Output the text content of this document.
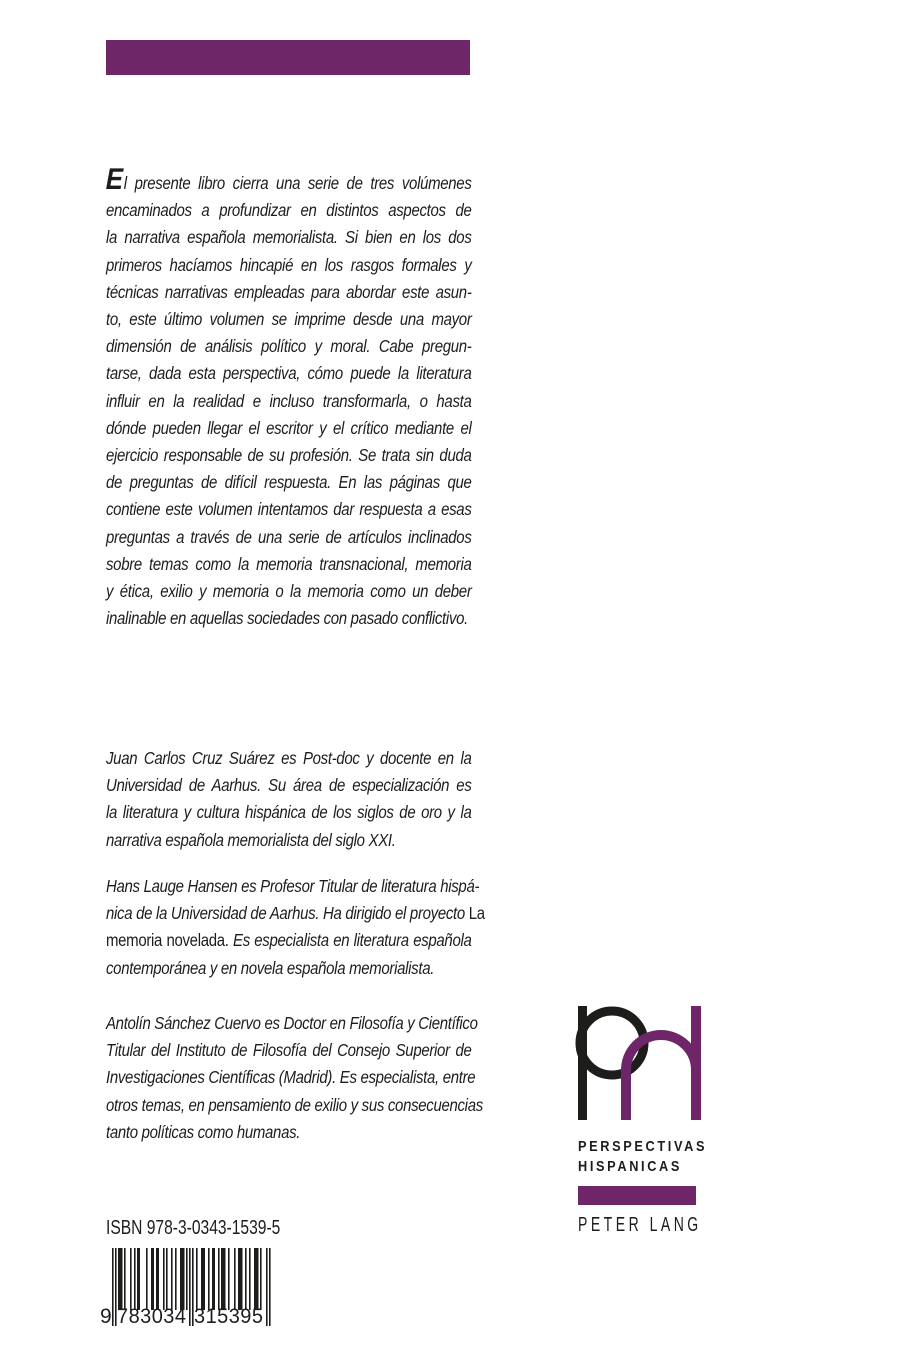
El presente libro cierra una serie de tres volúmenes
encaminados a profundizar en distintos aspectos de
la narrativa española memorialista. Si bien en los dos
primeros hacíamos hincapié en los rasgos formales y
técnicas narrativas empleadas para abordar este asun-
to, este último volumen se imprime desde una mayor
dimensión de análisis político y moral. Cabe pregun-
tarse, dada esta perspectiva, cómo puede la literatura
influir en la realidad e incluso transformarla, o hasta
dónde pueden llegar el escritor y el crítico mediante el
ejercicio responsable de su profesión. Se trata sin duda
de preguntas de difícil respuesta. En las páginas que
contiene este volumen intentamos dar respuesta a esas
preguntas a través de una serie de artículos inclinados
sobre temas como la memoria transnacional, memoria
y ética, exilio y memoria o la memoria como un deber
inalinable en aquellas sociedades con pasado conflictivo.
Juan Carlos Cruz Suárez es Post-doc y docente en la
Universidad de Aarhus. Su área de especialización es
la literatura y cultura hispánica de los siglos de oro y la
narrativa española memorialista del siglo XXI.
Hans Lauge Hansen es Profesor Titular de literatura hispá-
nica de la Universidad de Aarhus. Ha dirigido el proyecto La
memoria novelada. Es especialista en literatura española
contemporánea y en novela española memorialista.
Antolín Sánchez Cuervo es Doctor en Filosofía y Científico
Titular del Instituto de Filosofía del Consejo Superior de
Investigaciones Científicas (Madrid). Es especialista, entre
otros temas, en pensamiento de exilio y sus consecuencias
tanto políticas como humanas.
ISBN 978-3-0343-1539-5
9 783034 315395
PERSPECTIVAS
HISPANICAS
PETER LANG
